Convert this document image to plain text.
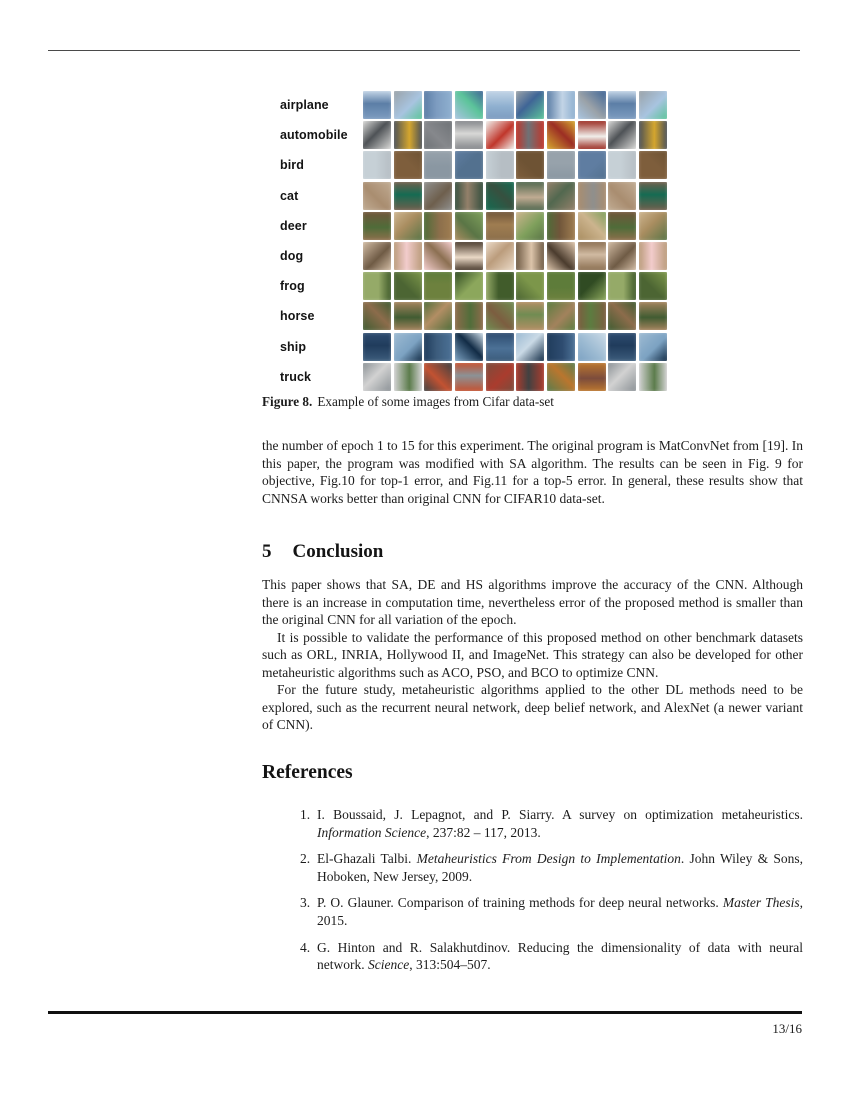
airplane
automobile
bird
cat
deer
dog
frog
horse
ship
truck
Figure 8. Example of some images from Cifar data-set

the number of epoch 1 to 15 for this experiment. The original program is MatConvNet from [19]. In this paper, the program was modified with SA algorithm. The results can be seen in Fig. 9 for objective, Fig.10 for top-1 error, and Fig.11 for a top-5 error. In general, these results show that CNNSA works better than original CNN for CIFAR10 data-set.

5 Conclusion

This paper shows that SA, DE and HS algorithms improve the accuracy of the CNN. Although there is an increase in computation time, nevertheless error of the proposed method is smaller than the original CNN for all variation of the epoch.

It is possible to validate the performance of this proposed method on other benchmark datasets such as ORL, INRIA, Hollywood II, and ImageNet. This strategy can also be developed for other metaheuristic algorithms such as ACO, PSO, and BCO to optimize CNN.

For the future study, metaheuristic algorithms applied to the other DL methods need to be explored, such as the recurrent neural network, deep belief network, and AlexNet (a newer variant of CNN).

References
1. I. Boussaid, J. Lepagnot, and P. Siarry. A survey on optimization metaheuristics. Information Science, 237:82 – 117, 2013.
2. El-Ghazali Talbi. Metaheuristics From Design to Implementation. John Wiley & Sons, Hoboken, New Jersey, 2009.
3. P. O. Glauner. Comparison of training methods for deep neural networks. Master Thesis, 2015.
4. G. Hinton and R. Salakhutdinov. Reducing the dimensionality of data with neural network. Science, 313:504–507.
13/16
